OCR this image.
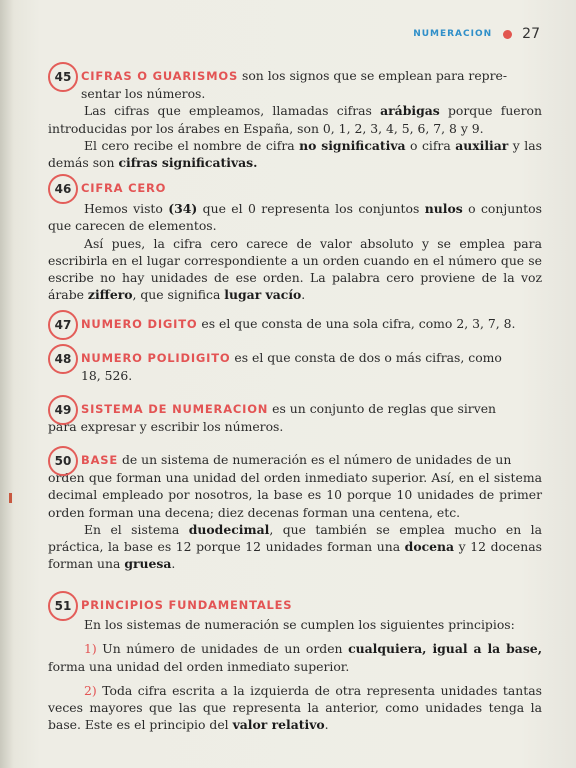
NUMERACION 27
45 CIFRAS O GUARISMOS son los signos que se emplean para repre-

sentar los números.

Las cifras que empleamos, llamadas cifras arábigas porque fueron introducidas por los árabes en España, son 0, 1, 2, 3, 4, 5, 6, 7, 8 y 9.

El cero recibe el nombre de cifra no significativa o cifra auxiliar y las demás son cifras significativas.

46 CIFRA CERO

Hemos visto (34) que el 0 representa los conjuntos nulos o conjuntos que carecen de elementos.

Así pues, la cifra cero carece de valor absoluto y se emplea para escribirla en el lugar correspondiente a un orden cuando en el número que se escribe no hay unidades de ese orden. La palabra cero proviene de la voz árabe ziffero, que significa lugar vacío.

47 NUMERO DIGITO es el que consta de una sola cifra, como 2, 3, 7, 8.

48 NUMERO POLIDIGITO es el que consta de dos o más cifras, como

18, 526.

49 SISTEMA DE NUMERACION es un conjunto de reglas que sirven

para expresar y escribir los números.

50 BASE de un sistema de numeración es el número de unidades de un

orden que forman una unidad del orden inmediato superior. Así, en el sistema decimal empleado por nosotros, la base es 10 porque 10 unidades de primer orden forman una decena; diez decenas forman una centena, etc.

En el sistema duodecimal, que también se emplea mucho en la práctica, la base es 12 porque 12 unidades forman una docena y 12 docenas forman una gruesa.

51 PRINCIPIOS FUNDAMENTALES

En los sistemas de numeración se cumplen los siguientes principios:

1) Un número de unidades de un orden cualquiera, igual a la base, forma una unidad del orden inmediato superior.

2) Toda cifra escrita a la izquierda de otra representa unidades tantas veces mayores que las que representa la anterior, como unidades tenga la base. Este es el principio del valor relativo.
